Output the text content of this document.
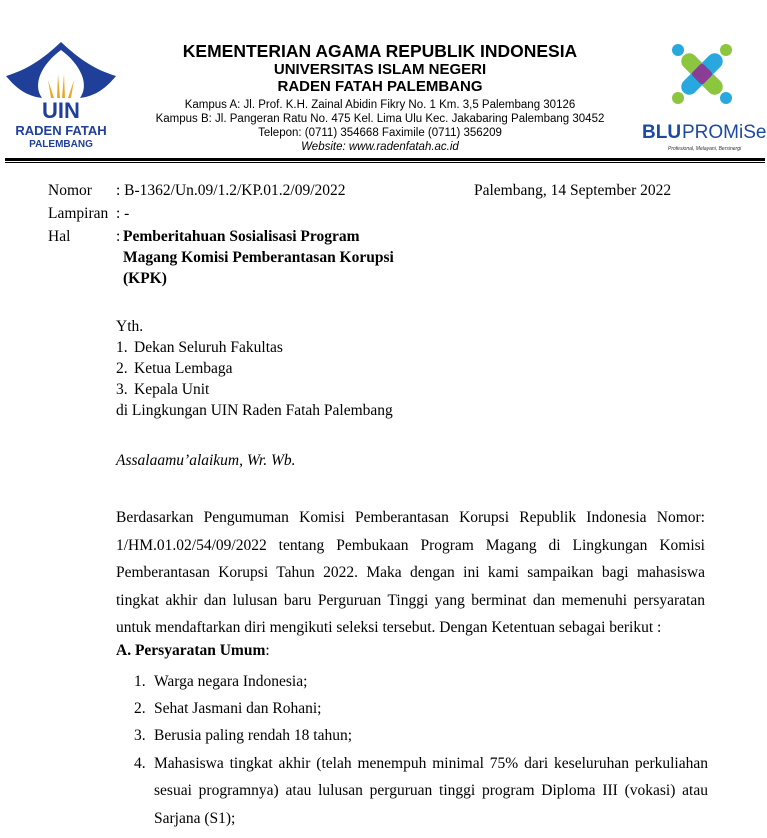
UIN
RADEN FATAH
PALEMBANG
KEMENTERIAN AGAMA REPUBLIK INDONESIA
UNIVERSITAS ISLAM NEGERI
RADEN FATAH PALEMBANG
Kampus A: Jl. Prof. K.H. Zainal Abidin Fikry No. 1 Km. 3,5 Palembang 30126
Kampus B: Jl. Pangeran Ratu No. 475 Kel. Lima Ulu Kec. Jakabaring Palembang 30452
Telepon: (0711) 354668 Faximile (0711) 356209
Website: www.radenfatah.ac.id
BLU PROMiSe
Profesional, Melayani, Bersinergi
Nomor : B-1362/Un.09/1.2/KP.01.2/09/2022	Palembang, 14 September 2022
Lampiran : -
Hal	: Pemberitahuan Sosialisasi Program
Magang Komisi Pemberantasan Korupsi
(KPK)
Yth.
1. Dekan Seluruh Fakultas
2. Ketua Lembaga
3. Kepala Unit
di Lingkungan UIN Raden Fatah Palembang
Assalaamu’alaikum, Wr. Wb.
Berdasarkan Pengumuman Komisi Pemberantasan Korupsi Republik Indonesia Nomor: 1/HM.01.02/54/09/2022 tentang Pembukaan Program Magang di Lingkungan Komisi Pemberantasan Korupsi Tahun 2022. Maka dengan ini kami sampaikan bagi mahasiswa tingkat akhir dan lulusan baru Perguruan Tinggi yang berminat dan memenuhi persyaratan untuk mendaftarkan diri mengikuti seleksi tersebut. Dengan Ketentuan sebagai berikut :
A. Persyaratan Umum:
1. Warga negara Indonesia;
2. Sehat Jasmani dan Rohani;
3. Berusia paling rendah 18 tahun;
4. Mahasiswa tingkat akhir (telah menempuh minimal 75% dari keseluruhan perkuliahan sesuai programnya) atau lulusan perguruan tinggi program Diploma III (vokasi) atau Sarjana (S1);
